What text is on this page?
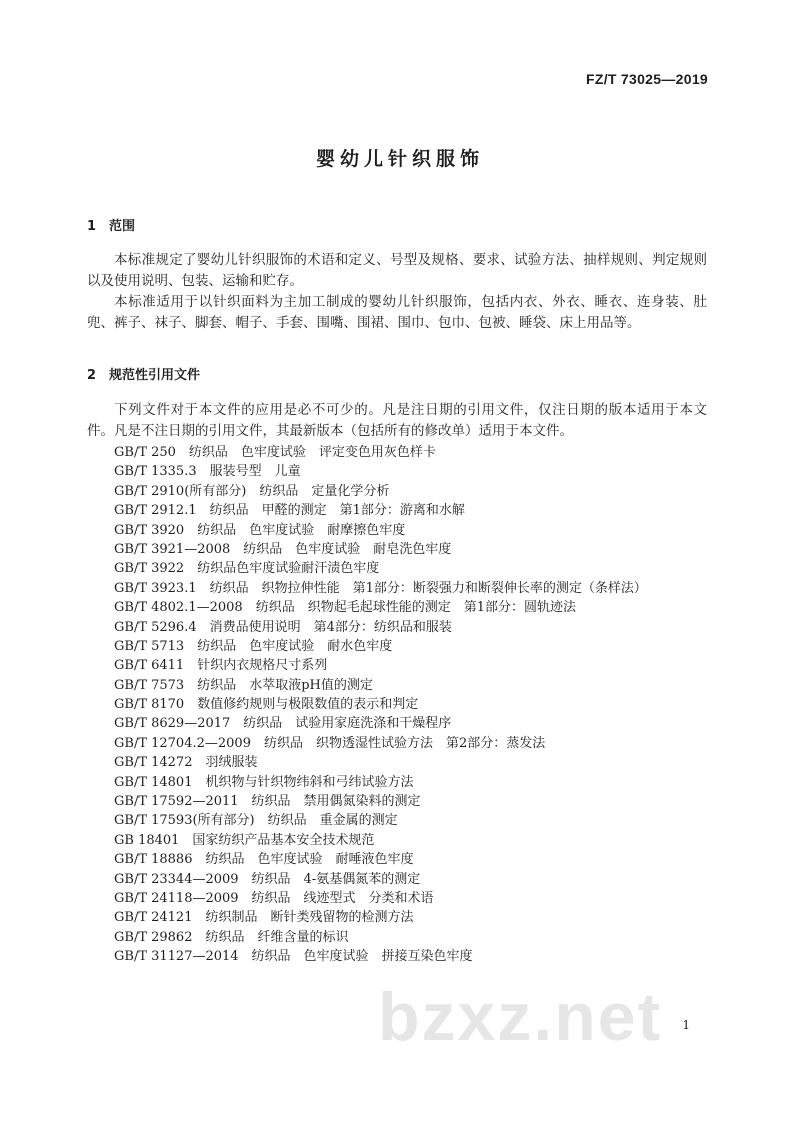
FZ/T 73025—2019
婴幼儿针织服饰
1 范围
本标准规定了婴幼儿针织服饰的术语和定义、号型及规格、要求、试验方法、抽样规则、判定规则以及使用说明、包装、运输和贮存。
本标准适用于以针织面料为主加工制成的婴幼儿针织服饰，包括内衣、外衣、睡衣、连身装、肚兜、裤子、袜子、脚套、帽子、手套、围嘴、围裙、围巾、包巾、包被、睡袋、床上用品等。
2 规范性引用文件
下列文件对于本文件的应用是必不可少的。凡是注日期的引用文件，仅注日期的版本适用于本文件。凡是不注日期的引用文件，其最新版本（包括所有的修改单）适用于本文件。
GB/T 250　纺织品　色牢度试验　评定变色用灰色样卡
GB/T 1335.3　服装号型　儿童
GB/T 2910(所有部分)　纺织品　定量化学分析
GB/T 2912.1　纺织品　甲醛的测定　第1部分：游离和水解
GB/T 3920　纺织品　色牢度试验　耐摩擦色牢度
GB/T 3921—2008　纺织品　色牢度试验　耐皂洗色牢度
GB/T 3922　纺织品色牢度试验耐汗渍色牢度
GB/T 3923.1　纺织品　织物拉伸性能　第1部分：断裂强力和断裂伸长率的测定（条样法）
GB/T 4802.1—2008　纺织品　织物起毛起球性能的测定　第1部分：圆轨迹法
GB/T 5296.4　消费品使用说明　第4部分：纺织品和服装
GB/T 5713　纺织品　色牢度试验　耐水色牢度
GB/T 6411　针织内衣规格尺寸系列
GB/T 7573　纺织品　水萃取液pH值的测定
GB/T 8170　数值修约规则与极限数值的表示和判定
GB/T 8629—2017　纺织品　试验用家庭洗涤和干燥程序
GB/T 12704.2—2009　纺织品　织物透湿性试验方法　第2部分：蒸发法
GB/T 14272　羽绒服装
GB/T 14801　机织物与针织物纬斜和弓纬试验方法
GB/T 17592—2011　纺织品　禁用偶氮染料的测定
GB/T 17593(所有部分)　纺织品　重金属的测定
GB 18401　国家纺织产品基本安全技术规范
GB/T 18886　纺织品　色牢度试验　耐唾液色牢度
GB/T 23344—2009　纺织品　4-氨基偶氮苯的测定
GB/T 24118—2009　纺织品　线迹型式　分类和术语
GB/T 24121　纺织制品　断针类残留物的检测方法
GB/T 29862　纺织品　纤维含量的标识
GB/T 31127—2014　纺织品　色牢度试验　拼接互染色牢度
bzxz.net 1
